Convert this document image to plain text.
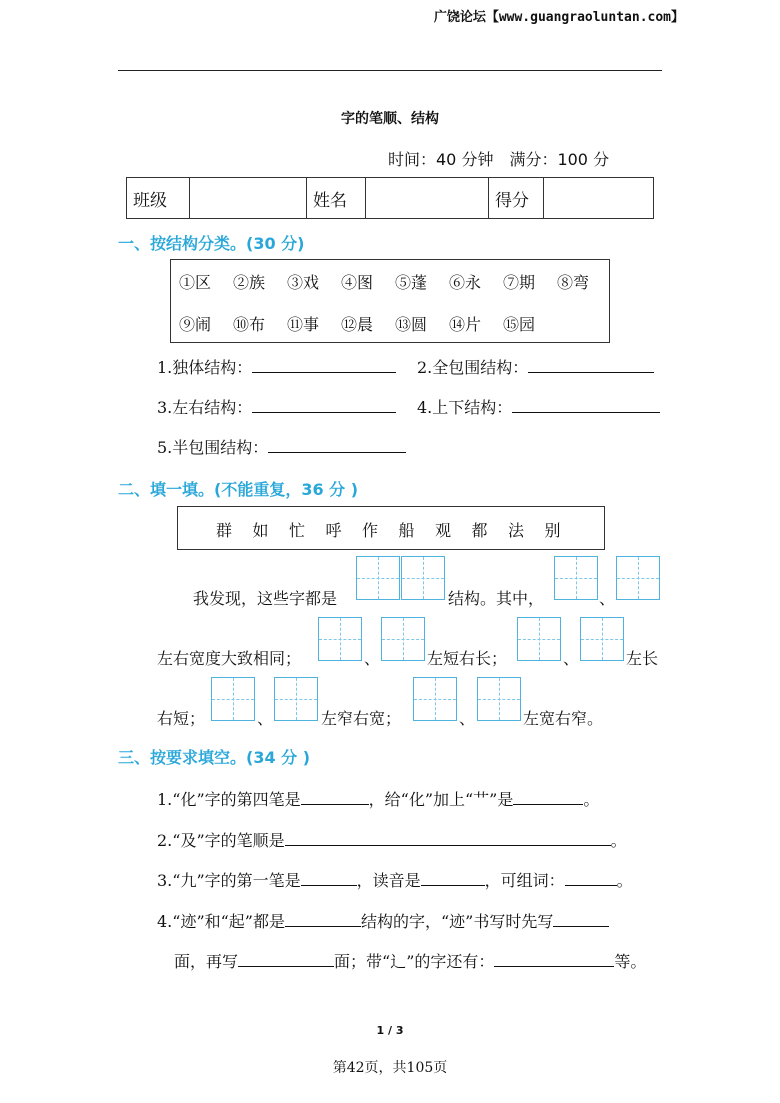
广饶论坛【www.guangraoluntan.com】
字的笔顺、结构
时间：40 分钟　满分：100 分
班级		姓名		得分	
一、按结构分类。(30 分)
①区 ②族 ③戏 ④图 ⑤蓬 ⑥永 ⑦期 ⑧弯
⑨闹 ⑩布 ⑪事 ⑫晨 ⑬圆 ⑭片 ⑮园
1.独体结构：	2.全包围结构：
3.左右结构：	4.上下结构：
5.半包围结构：
二、填一填。(不能重复，36 分 )
群 如 忙 呼 作 船 观 都 法 别
我发现，这些字都是	结构。其中，	、
左右宽度大致相同；	、	左短右长；	、	左长
右短；	、	左窄右宽；	、	左宽右窄。
三、按要求填空。(34 分 )
1.“化”字的第四笔是	，给“化”加上“艹”是	。
2.“及”字的笔顺是	。
3.“九”字的第一笔是	，读音是	，可组词：	。
4.“迹”和“起”都是	结构的字，“迹”书写时先写
面，再写	面；带“辶”的字还有：	等。
1 / 3
第42页，共105页
